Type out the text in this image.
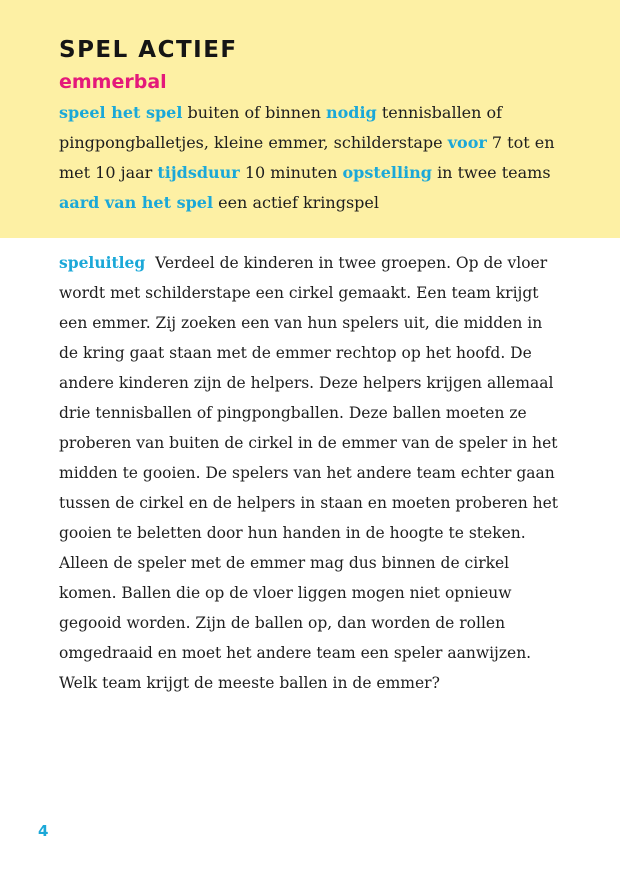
SPEL ACTIEF
emmerbal

speel het spel buiten of binnen nodig tennisballen of pingpongballetjes, kleine emmer, schilderstape voor 7 tot en met 10 jaar tijdsduur 10 minuten opstelling in twee teams
aard van het spel een actief kringspel

speluitleg Verdeel de kinderen in twee groepen. Op de vloer wordt met schilderstape een cirkel gemaakt. Een team krijgt een emmer. Zij zoeken een van hun spelers uit, die midden in de kring gaat staan met de emmer rechtop op het hoofd. De andere kinderen zijn de helpers. Deze helpers krijgen allemaal drie tennisballen of pingpongballen. Deze ballen moeten ze proberen van buiten de cirkel in de emmer van de speler in het midden te gooien. De spelers van het andere team echter gaan tussen de cirkel en de helpers in staan en moeten proberen het gooien te beletten door hun handen in de hoogte te steken. Alleen de speler met de emmer mag dus binnen de cirkel komen. Ballen die op de vloer liggen mogen niet opnieuw gegooid worden. Zijn de ballen op, dan worden de rollen omgedraaid en moet het andere team een speler aanwijzen. Welk team krijgt de meeste ballen in de emmer?

4
